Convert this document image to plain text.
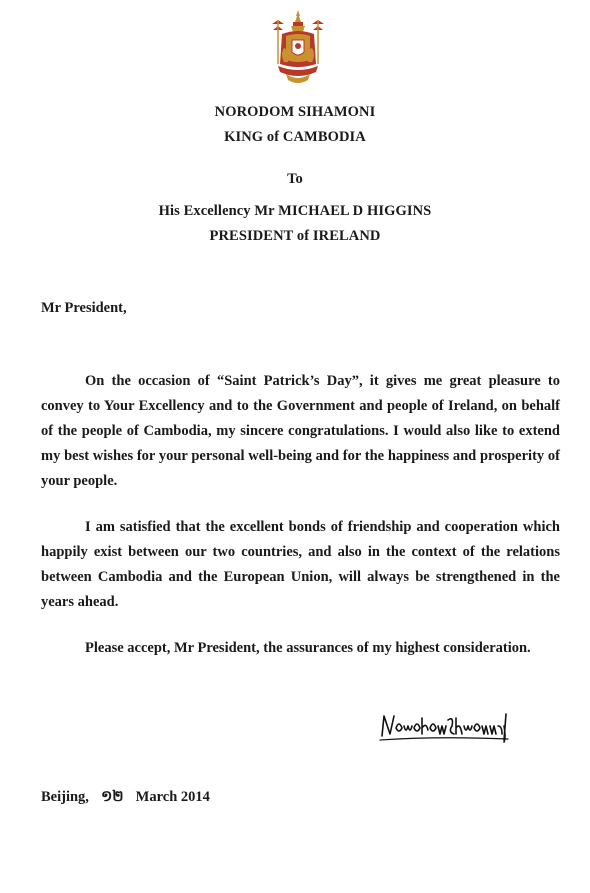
NORODOM SIHAMONI
KING of CAMBODIA
To
His Excellency Mr MICHAEL D HIGGINS
PRESIDENT of IRELAND
Mr President,
On the occasion of “Saint Patrick’s Day”, it gives me great pleasure to convey to Your Excellency and to the Government and people of Ireland, on behalf of the people of Cambodia, my sincere congratulations. I would also like to extend my best wishes for your personal well-being and for the happiness and prosperity of your people.
I am satisfied that the excellent bonds of friendship and cooperation which happily exist between our two countries, and also in the context of the relations between Cambodia and the European Union, will always be strengthened in the years ahead.
Please accept, Mr President, the assurances of my highest consideration.
Beijing, ១២ March 2014
